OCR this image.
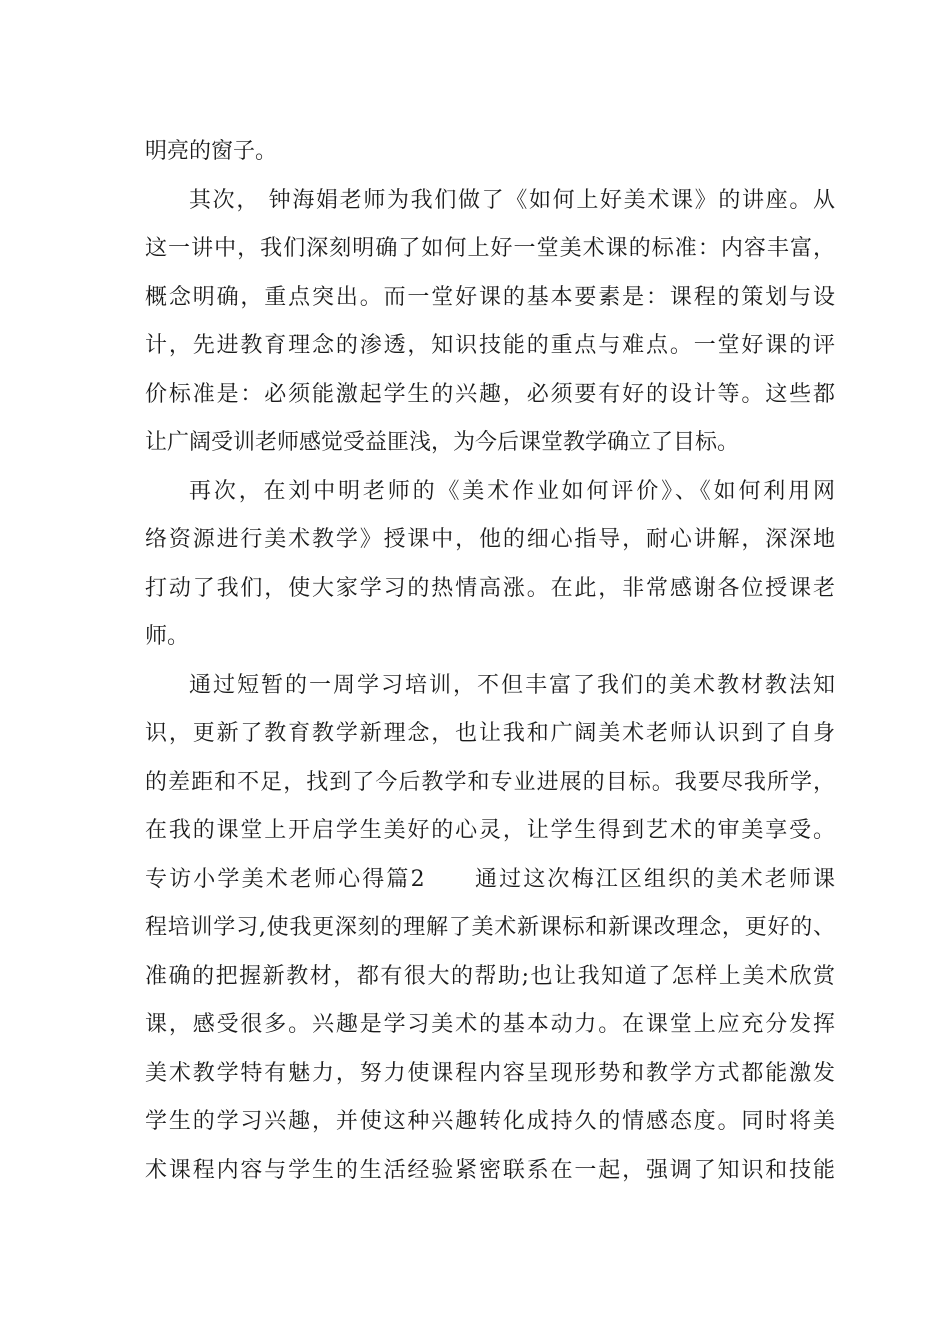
明亮的窗子。
其次， 钟海娟老师为我们做了《如何上好美术课》的讲座。从
这一讲中，我们深刻明确了如何上好一堂美术课的标准：内容丰富，
概念明确，重点突出。而一堂好课的基本要素是：课程的策划与设
计，先进教育理念的渗透，知识技能的重点与难点。一堂好课的评
价标准是：必须能激起学生的兴趣，必须要有好的设计等。这些都
让广阔受训老师感觉受益匪浅，为今后课堂教学确立了目标。
再次，在刘中明老师的《美术作业如何评价》、《如何利用网
络资源进行美术教学》授课中，他的细心指导，耐心讲解，深深地
打动了我们，使大家学习的热情高涨。在此，非常感谢各位授课老
师。
通过短暂的一周学习培训，不但丰富了我们的美术教材教法知
识，更新了教育教学新理念，也让我和广阔美术老师认识到了自身
的差距和不足，找到了今后教学和专业进展的目标。我要尽我所学，
在我的课堂上开启学生美好的心灵，让学生得到艺术的审美享受。
专访小学美术老师心得篇2　　通过这次梅江区组织的美术老师课
程培训学习,使我更深刻的理解了美术新课标和新课改理念，更好的、
准确的把握新教材，都有很大的帮助;也让我知道了怎样上美术欣赏
课，感受很多。兴趣是学习美术的基本动力。在课堂上应充分发挥
美术教学特有魅力，努力使课程内容呈现形势和教学方式都能激发
学生的学习兴趣，并使这种兴趣转化成持久的情感态度。同时将美
术课程内容与学生的生活经验紧密联系在一起，强调了知识和技能
